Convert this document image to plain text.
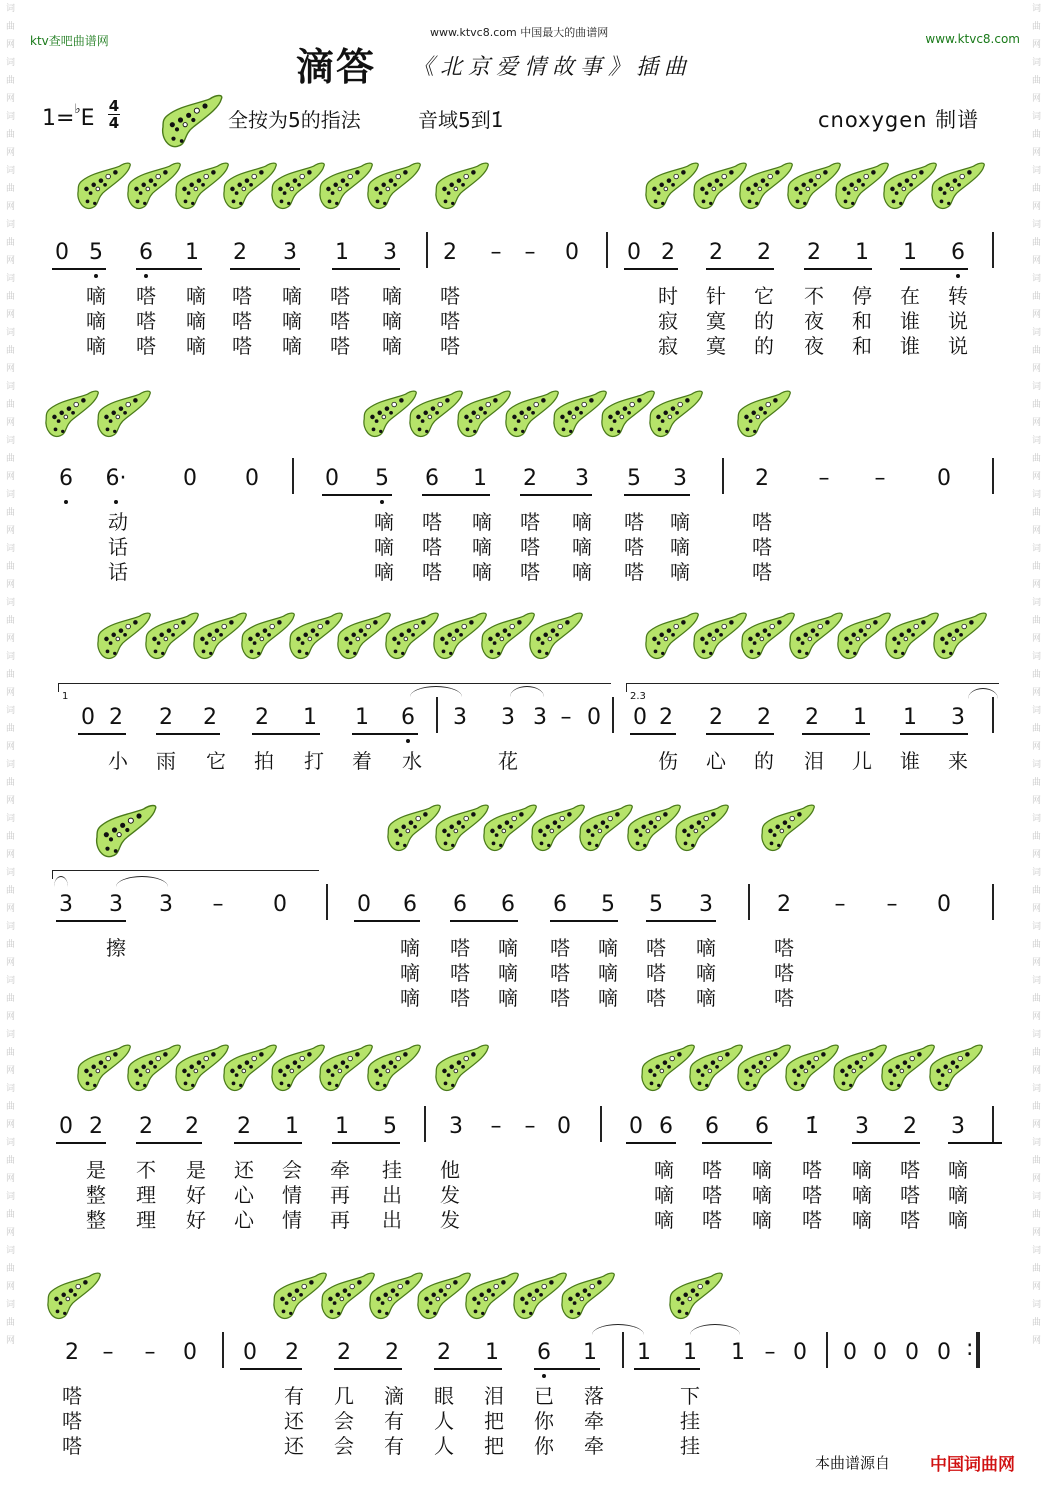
词曲网词曲网词曲网词曲网词曲网词曲网词曲网词曲网词曲网词曲网词曲网词曲网词曲网词曲网词曲网词曲网词曲网词曲网词曲网词曲网词曲网词曲网词曲网词曲网词曲网
词曲网词曲网词曲网词曲网词曲网词曲网词曲网词曲网词曲网词曲网词曲网词曲网词曲网词曲网词曲网词曲网词曲网词曲网词曲网词曲网词曲网词曲网词曲网词曲网词曲网
ktv查吧曲谱网
www.ktvc8.com 中国最大的曲谱网	www.ktvc8.com
滴答 《北京爱情故事》插曲
1=♭E 4
4	全按为5的指法	音域5到1̇	cnoxygen 制谱
0 5 6 1 2 3 1 3 2 – – 0 0 2 2 2 2 1 1 6
嘀 嗒 嘀 嗒 嘀 嗒 嘀 嗒	时 针 它 不 停 在 转
嘀 嗒 嘀 嗒 嘀 嗒 嘀 嗒	寂 寞 的 夜 和 谁 说
嘀 嗒 嘀 嗒 嘀 嗒 嘀 嗒	寂 寞 的 夜 和 谁 说
6 6·	0 0	0 5 6 1 2 3 5 3	2 – – 0
动	嘀 嗒 嘀 嗒 嘀 嗒 嘀	嗒
话	嘀 嗒 嘀 嗒 嘀 嗒 嘀	嗒
话	嘀 嗒 嘀 嗒 嘀 嗒 嘀	嗒
0 2 2 2 2 1 1 6 3 3 3 – 0 0 2 2 2 2 1 1 3
1	2.3
小 雨 它 拍 打 着 水	花	伤 心 的 泪 儿 谁 来
3 3 3 – 0	0 6 6 6 6 5 5 3	2 – – 0
擦	嘀 嗒 嘀 嗒 嘀 嗒 嘀	嗒
嘀 嗒 嘀 嗒 嘀 嗒 嘀	嗒
嘀 嗒 嘀 嗒 嘀 嗒 嘀	嗒
0 2 2 2 2 1 1 5 3 – – 0	0 6 6 6 1̇ 3 2 3
是 不 是 还 会 牵 挂 他	嘀 嗒 嘀 嗒 嘀 嗒 嘀
整 理 好 心 情 再 出 发	嘀 嗒 嘀 嗒 嘀 嗒 嘀
整 理 好 心 情 再 出 发	嘀 嗒 嘀 嗒 嘀 嗒 嘀
2 – – 0 0 2 2 2 2 1 6 1 1 1 1 – 0 0 0 0 0 :
嗒	有 几 滴 眼 泪 已 落	下
嗒	还 会 有 人 把 你 牵	挂
嗒	还 会 有 人 把 你 牵	挂
本曲谱源自 中国词曲网
